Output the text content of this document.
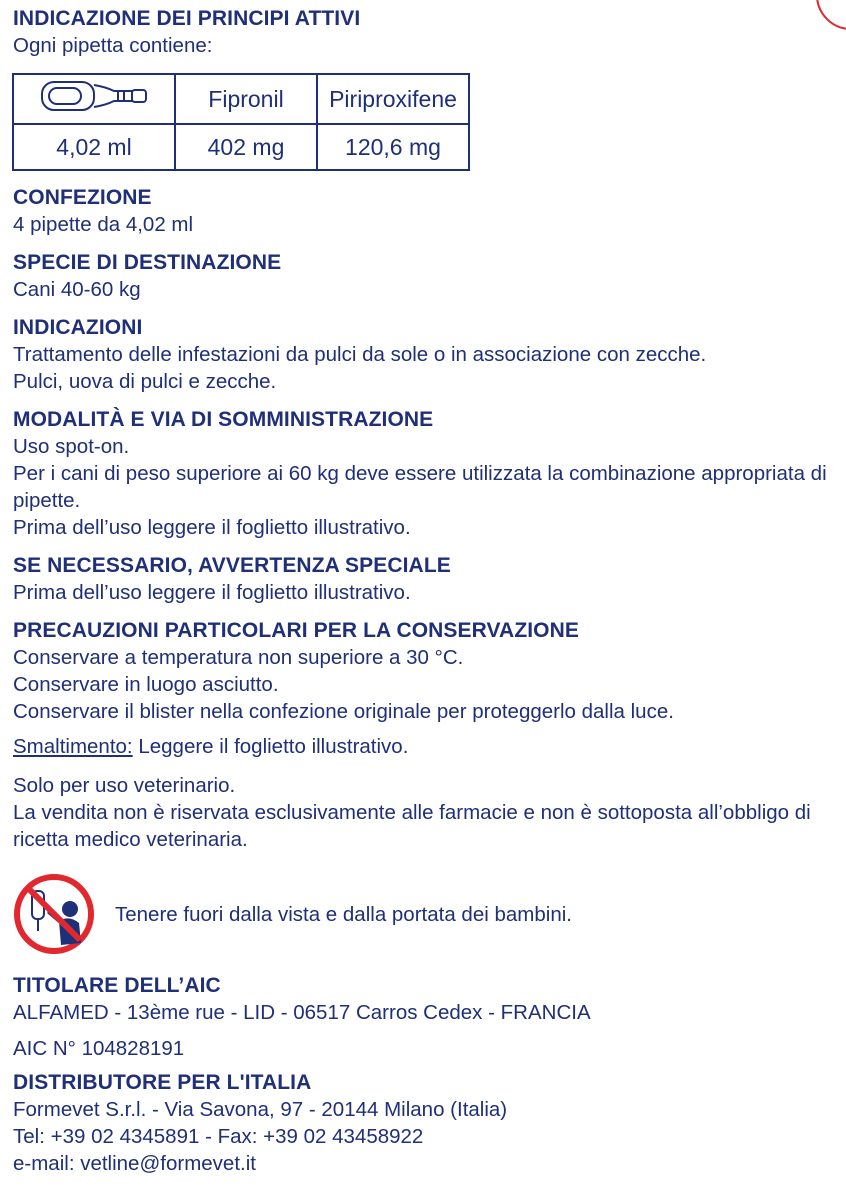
INDICAZIONE DEI PRINCIPI ATTIVI

Ogni pipetta contiene:

	Fipronil	Piriproxifene
4,02 ml	402 mg	120,6 mg

CONFEZIONE

4 pipette da 4,02 ml

SPECIE DI DESTINAZIONE

Cani 40-60 kg

INDICAZIONI

Trattamento delle infestazioni da pulci da sole o in associazione con zecche.

Pulci, uova di pulci e zecche.

MODALITÀ E VIA DI SOMMINISTRAZIONE

Uso spot-on.

Per i cani di peso superiore ai 60 kg deve essere utilizzata la combinazione appropriata di pipette.

Prima dell’uso leggere il foglietto illustrativo.

SE NECESSARIO, AVVERTENZA SPECIALE

Prima dell’uso leggere il foglietto illustrativo.

PRECAUZIONI PARTICOLARI PER LA CONSERVAZIONE

Conservare a temperatura non superiore a 30 °C.

Conservare in luogo asciutto.

Conservare il blister nella confezione originale per proteggerlo dalla luce.

Smaltimento: Leggere il foglietto illustrativo.

Solo per uso veterinario.

La vendita non è riservata esclusivamente alle farmacie e non è sottoposta all’obbligo di ricetta medico veterinaria.

Tenere fuori dalla vista e dalla portata dei bambini.

TITOLARE DELL’AIC

ALFAMED - 13ème rue - LID - 06517 Carros Cedex - FRANCIA

AIC N° 104828191

DISTRIBUTORE PER L'ITALIA

Formevet S.r.l. - Via Savona, 97 - 20144 Milano (Italia)

Tel: +39 02 4345891 - Fax: +39 02 43458922

e-mail: vetline@formevet.it
